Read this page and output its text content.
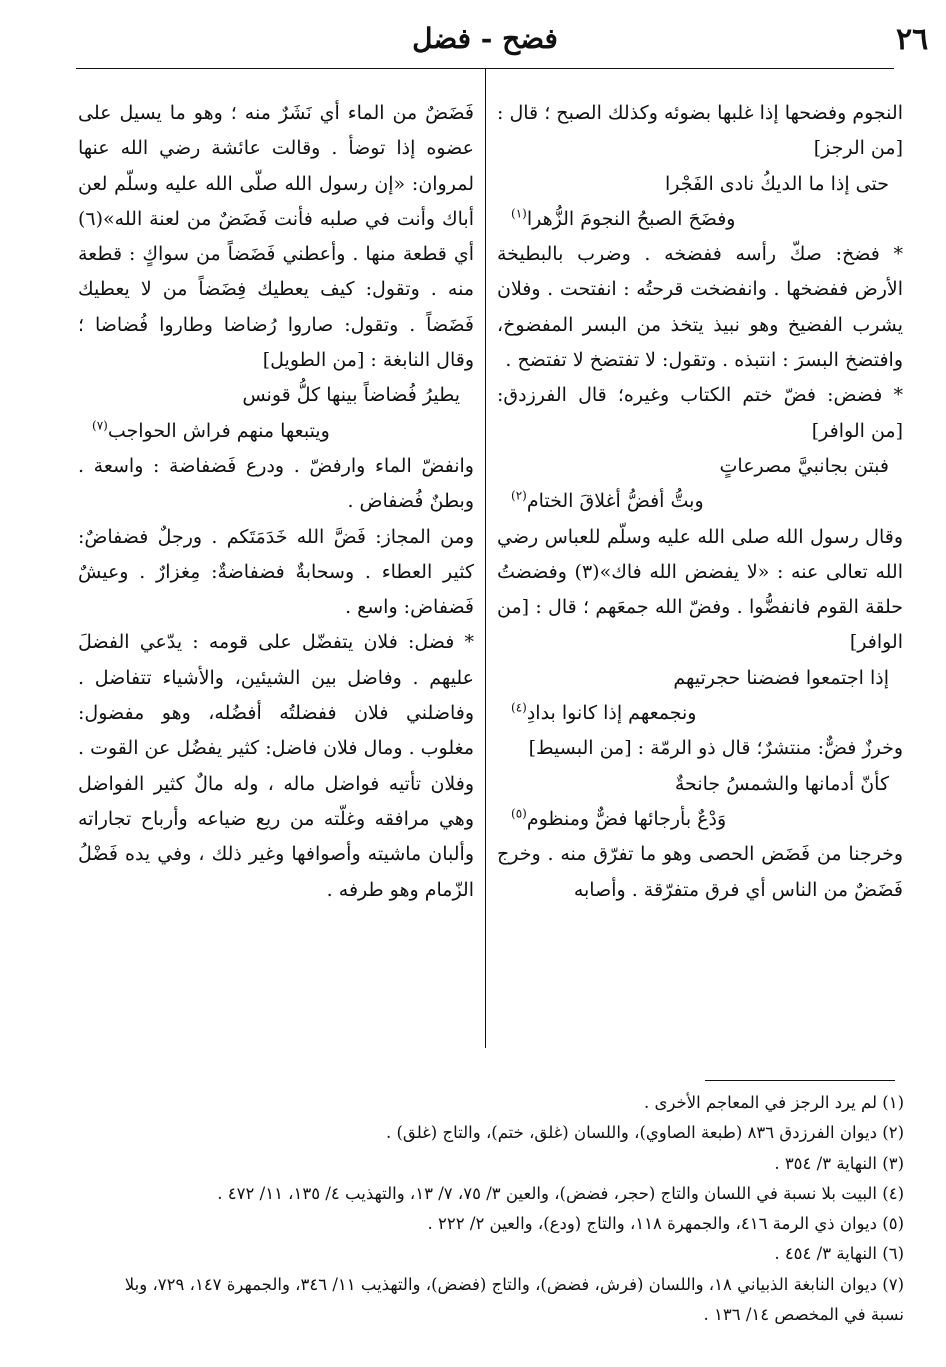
فضح - فضل	٢٦

النجوم وفضحها إذا غلبها بضوئه وكذلك الصبح ؛ قال : [من الرجز]

حتى إذا ما الديكُ نادى الفَجْرا
وفضَحَ الصبحُ النجومَ الزُّهرا$^{(١)}$

* فضخ: صكّ رأسه ففضخه . وضرب بالبطيخة الأرض ففضخها . وانفضخت قرحتُه : انفتحت . وفلان يشرب الفضيخ وهو نبيذ يتخذ من البسر المفضوخ، وافتضخ البسرَ : انتبذه . وتقول: لا تفتضخ لا تفتضح .

* فضض: فضّ ختم الكتاب وغيره؛ قال الفرزدق: [من الوافر]

فبتن بجانبيَّ مصرعاتٍ
وبتُّ أفضُّ أغلاقَ الختام$^{(٢)}$

وقال رسول الله صلى الله عليه وسلّم للعباس رضي الله تعالى عنه : «لا يفضض الله فاك»(٣) وفضضتُ حلقة القوم فانفضُّوا . وفضّ الله جمعَهم ؛ قال : [من الوافر]

إذا اجتمعوا فضضنا حجرتيهم
ونجمعهم إذا كانوا بدادِ$^{(٤)}$

وخرزٌ فضٌّ: منتشرٌ؛ قال ذو الرمّة : [من البسيط]

كأنّ أدمانها والشمسُ جانحةٌ
وَدْعٌ بأرجائها فضٌّ ومنظوم$^{(٥)}$

وخرجنا من فَضَض الحصى وهو ما تفرّق منه . وخرج فَضَضٌ من الناس أي فرق متفرّقة . وأصابه

فَضَضٌ من الماء أي نَشَرٌ منه ؛ وهو ما يسيل على عضوه إذا توضأ . وقالت عائشة رضي الله عنها لمروان: «إن رسول الله صلّى الله عليه وسلّم لعن أباك وأنت في صلبه فأنت فَضَضٌ من لعنة الله»(٦) أي قطعة منها . وأعطني فَضَضاً من سواكٍ : قطعة منه . وتقول: كيف يعطيك فِضَضاً من لا يعطيك فَضَضاً . وتقول: صاروا رُضاضا وطاروا فُضاضا ؛ وقال النابغة : [من الطويل]

يطيرُ فُضاضاً بينها كلُّ قونس
ويتبعها منهم فراش الحواجب$^{(٧)}$

وانفضّ الماء وارفضّ . ودرع فَضفاضة : واسعة . وبطنٌ فُضفاض .

ومن المجاز: فَضَّ الله خَدَمَتَكم . ورجلٌ فضفاضٌ: كثير العطاء . وسحابةٌ فضفاضةٌ: مِغزارٌ . وعيشٌ فَضفاض: واسع .

* فضل: فلان يتفضّل على قومه : يدّعي الفضلَ عليهم . وفاضل بين الشيئين، والأشياء تتفاضل . وفاضلني فلان ففضلتُه أفضُله، وهو مفضول: مغلوب . ومال فلان فاضل: كثير يفضُل عن القوت . وفلان تأتيه فواضل ماله ، وله مالٌ كثير الفواضل وهي مرافقه وغلّته من ريع ضياعه وأرباح تجاراته وألبان ماشيته وأصوافها وغير ذلك ، وفي يده فَضْلُ الزّمام وهو طرفه .

(١) لم يرد الرجز في المعاجم الأخرى .
(٢) ديوان الفرزدق ٨٣٦ (طبعة الصاوي)، واللسان (غلق، ختم)، والتاج (غلق) .
(٣) النهاية ٣/ ٣٥٤ .
(٤) البيت بلا نسبة في اللسان والتاج (حجر، فضض)، والعين ٣/ ٧٥، ٧/ ١٣، والتهذيب ٤/ ١٣٥، ١١/ ٤٧٢ .
(٥) ديوان ذي الرمة ٤١٦، والجمهرة ١١٨، والتاج (ودع)، والعين ٢/ ٢٢٢ .
(٦) النهاية ٣/ ٤٥٤ .
(٧) ديوان النابغة الذبياني ١٨، واللسان (فرش، فضض)، والتاج (فضض)، والتهذيب ١١/ ٣٤٦، والجمهرة ١٤٧، ٧٢٩، وبلا نسبة في المخصص ١٤/ ١٣٦ .
